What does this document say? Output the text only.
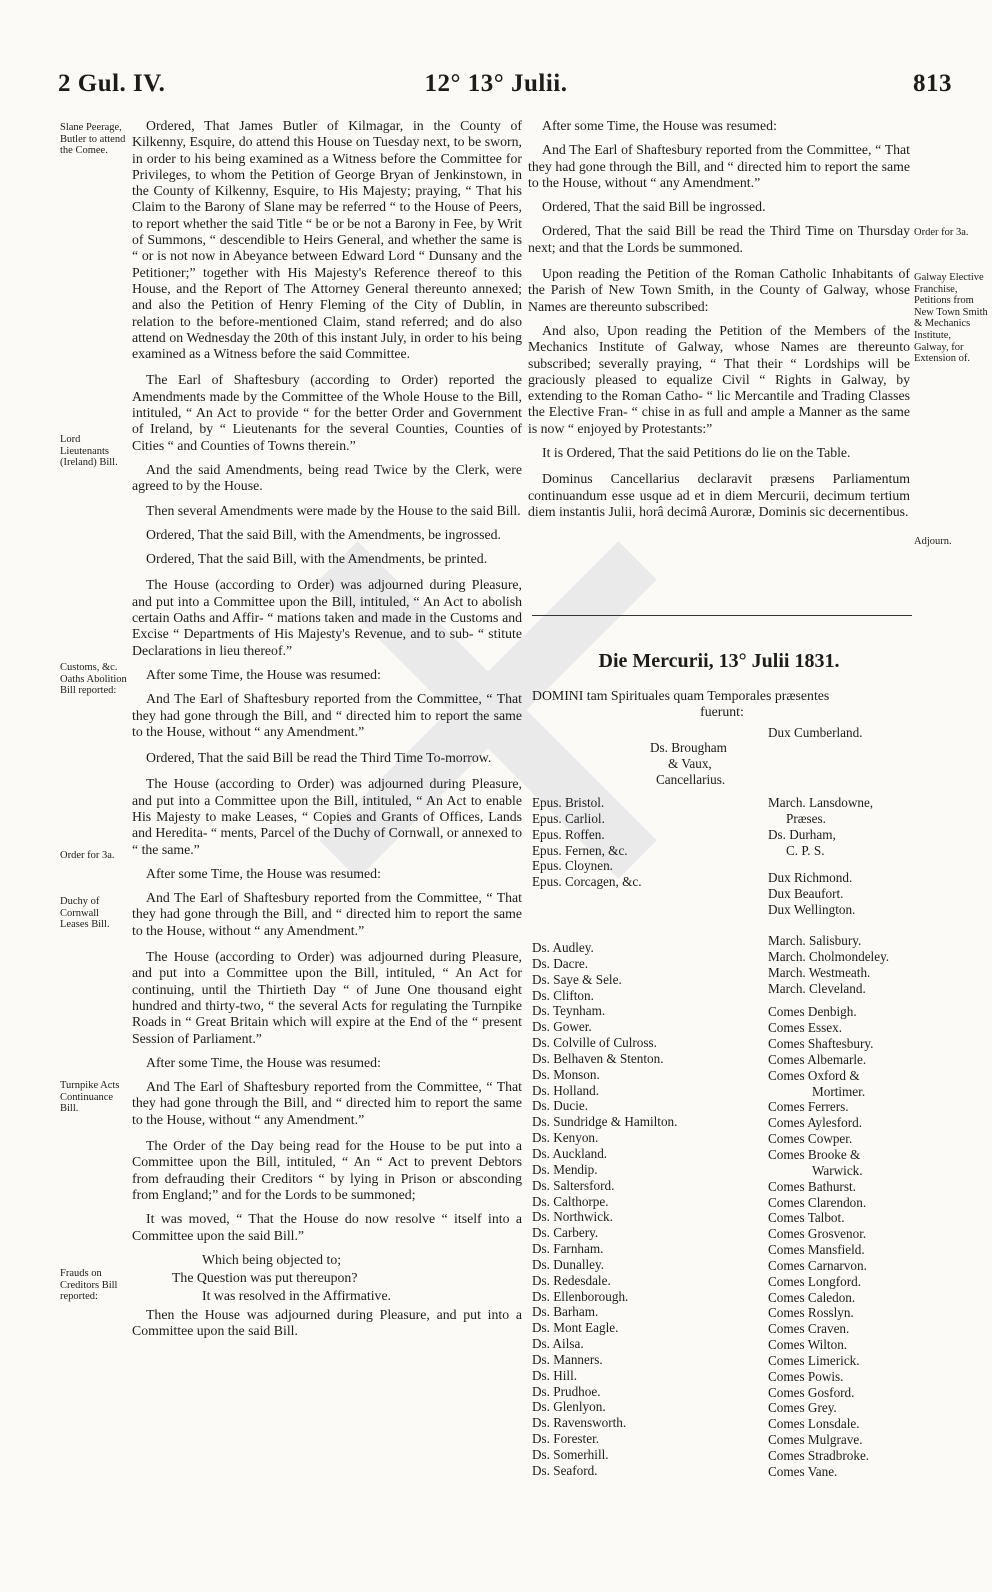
2 Gul. IV.	12° 13° Julii.	813
Slane Peerage, Butler to attend the Comee.
Lord Lieutenants (Ireland) Bill.
Customs, &c. Oaths Abolition Bill reported:
Order for 3a.
Duchy of Cornwall Leases Bill.
Turnpike Acts Continuance Bill.
Frauds on Creditors Bill reported:

Ordered, That James Butler of Kilmagar, in the County of Kilkenny, Esquire, do attend this House on Tuesday next, to be sworn, in order to his being examined as a Witness before the Committee for Privileges, to whom the Petition of George Bryan of Jenkinstown, in the County of Kilkenny, Esquire, to His Majesty; praying, “ That his Claim to the Barony of Slane may be referred “ to the House of Peers, to report whether the said Title “ be or be not a Barony in Fee, by Writ of Summons, “ descendible to Heirs General, and whether the same is “ or is not now in Abeyance between Edward Lord “ Dunsany and the Petitioner;” together with His Majesty's Reference thereof to this House, and the Report of The Attorney General thereunto annexed; and also the Petition of Henry Fleming of the City of Dublin, in relation to the before-mentioned Claim, stand referred; and do also attend on Wednesday the 20th of this instant July, in order to his being examined as a Witness before the said Committee.

The Earl of Shaftesbury (according to Order) reported the Amendments made by the Committee of the Whole House to the Bill, intituled, “ An Act to provide “ for the better Order and Government of Ireland, by “ Lieutenants for the several Counties, Counties of Cities “ and Counties of Towns therein.”

And the said Amendments, being read Twice by the Clerk, were agreed to by the House.

Then several Amendments were made by the House to the said Bill.

Ordered, That the said Bill, with the Amendments, be ingrossed.

Ordered, That the said Bill, with the Amendments, be printed.

The House (according to Order) was adjourned during Pleasure, and put into a Committee upon the Bill, intituled, “ An Act to abolish certain Oaths and Affir- “ mations taken and made in the Customs and Excise “ Departments of His Majesty's Revenue, and to sub- “ stitute Declarations in lieu thereof.”

After some Time, the House was resumed:

And The Earl of Shaftesbury reported from the Committee, “ That they had gone through the Bill, and “ directed him to report the same to the House, without “ any Amendment.”

Ordered, That the said Bill be read the Third Time To-morrow.

The House (according to Order) was adjourned during Pleasure, and put into a Committee upon the Bill, intituled, “ An Act to enable His Majesty to make Leases, “ Copies and Grants of Offices, Lands and Heredita- “ ments, Parcel of the Duchy of Cornwall, or annexed to “ the same.”

After some Time, the House was resumed:

And The Earl of Shaftesbury reported from the Committee, “ That they had gone through the Bill, and “ directed him to report the same to the House, without “ any Amendment.”

The House (according to Order) was adjourned during Pleasure, and put into a Committee upon the Bill, intituled, “ An Act for continuing, until the Thirtieth Day “ of June One thousand eight hundred and thirty-two, “ the several Acts for regulating the Turnpike Roads in “ Great Britain which will expire at the End of the “ present Session of Parliament.”

After some Time, the House was resumed:

And The Earl of Shaftesbury reported from the Committee, “ That they had gone through the Bill, and “ directed him to report the same to the House, without “ any Amendment.”

The Order of the Day being read for the House to be put into a Committee upon the Bill, intituled, “ An “ Act to prevent Debtors from defrauding their Creditors “ by lying in Prison or absconding from England;” and for the Lords to be summoned;

It was moved, “ That the House do now resolve “ itself into a Committee upon the said Bill.”

Which being objected to;

The Question was put thereupon?

It was resolved in the Affirmative.

Then the House was adjourned during Pleasure, and put into a Committee upon the said Bill.

Order for 3a.
Galway Elective Franchise, Petitions from New Town Smith & Mechanics Institute, Galway, for Extension of.
Adjourn.

After some Time, the House was resumed:

And The Earl of Shaftesbury reported from the Committee, “ That they had gone through the Bill, and “ directed him to report the same to the House, without “ any Amendment.”

Ordered, That the said Bill be ingrossed.

Ordered, That the said Bill be read the Third Time on Thursday next; and that the Lords be summoned.

Upon reading the Petition of the Roman Catholic Inhabitants of the Parish of New Town Smith, in the County of Galway, whose Names are thereunto subscribed:

And also, Upon reading the Petition of the Members of the Mechanics Institute of Galway, whose Names are thereunto subscribed; severally praying, “ That their “ Lordships will be graciously pleased to equalize Civil “ Rights in Galway, by extending to the Roman Catho- “ lic Mercantile and Trading Classes the Elective Fran- “ chise in as full and ample a Manner as the same is now “ enjoyed by Protestants:”

It is Ordered, That the said Petitions do lie on the Table.

Dominus Cancellarius declaravit præsens Parliamentum continuandum esse usque ad et in diem Mercurii, decimum tertium diem instantis Julii, horâ decimâ Auroræ, Dominis sic decernentibus.

Die Mercurii, 13° Julii 1831.
DOMINI tam Spirituales quam Temporales præsentes
fuerunt:
Ds. Brougham
& Vaux,
Cancellarius.
Dux Cumberland.
Epus. Bristol.
Epus. Carliol.
Epus. Roffen.
Epus. Fernen, &c.
Epus. Cloynen.
Epus. Corcagen, &c.
March. Lansdowne,
Præses.
Ds. Durham,
C. P. S.
Dux Richmond.
Dux Beaufort.
Dux Wellington.
Ds. Audley.
Ds. Dacre.
Ds. Saye & Sele.
Ds. Clifton.
Ds. Teynham.
Ds. Gower.
Ds. Colville of Culross.
Ds. Belhaven & Stenton.
Ds. Monson.
Ds. Holland.
Ds. Ducie.
Ds. Sundridge & Hamilton.
Ds. Kenyon.
Ds. Auckland.
Ds. Mendip.
Ds. Saltersford.
Ds. Calthorpe.
Ds. Northwick.
Ds. Carbery.
Ds. Farnham.
Ds. Dunalley.
Ds. Redesdale.
Ds. Ellenborough.
Ds. Barham.
Ds. Mont Eagle.
Ds. Ailsa.
Ds. Manners.
Ds. Hill.
Ds. Prudhoe.
Ds. Glenlyon.
Ds. Ravensworth.
Ds. Forester.
Ds. Somerhill.
Ds. Seaford.
March. Salisbury.
March. Cholmondeley.
March. Westmeath.
March. Cleveland.
Comes Denbigh.
Comes Essex.
Comes Shaftesbury.
Comes Albemarle.
Comes Oxford &
Mortimer.
Comes Ferrers.
Comes Aylesford.
Comes Cowper.
Comes Brooke &
Warwick.
Comes Bathurst.
Comes Clarendon.
Comes Talbot.
Comes Grosvenor.
Comes Mansfield.
Comes Carnarvon.
Comes Longford.
Comes Caledon.
Comes Rosslyn.
Comes Craven.
Comes Wilton.
Comes Limerick.
Comes Powis.
Comes Gosford.
Comes Grey.
Comes Lonsdale.
Comes Mulgrave.
Comes Stradbroke.
Comes Vane.
